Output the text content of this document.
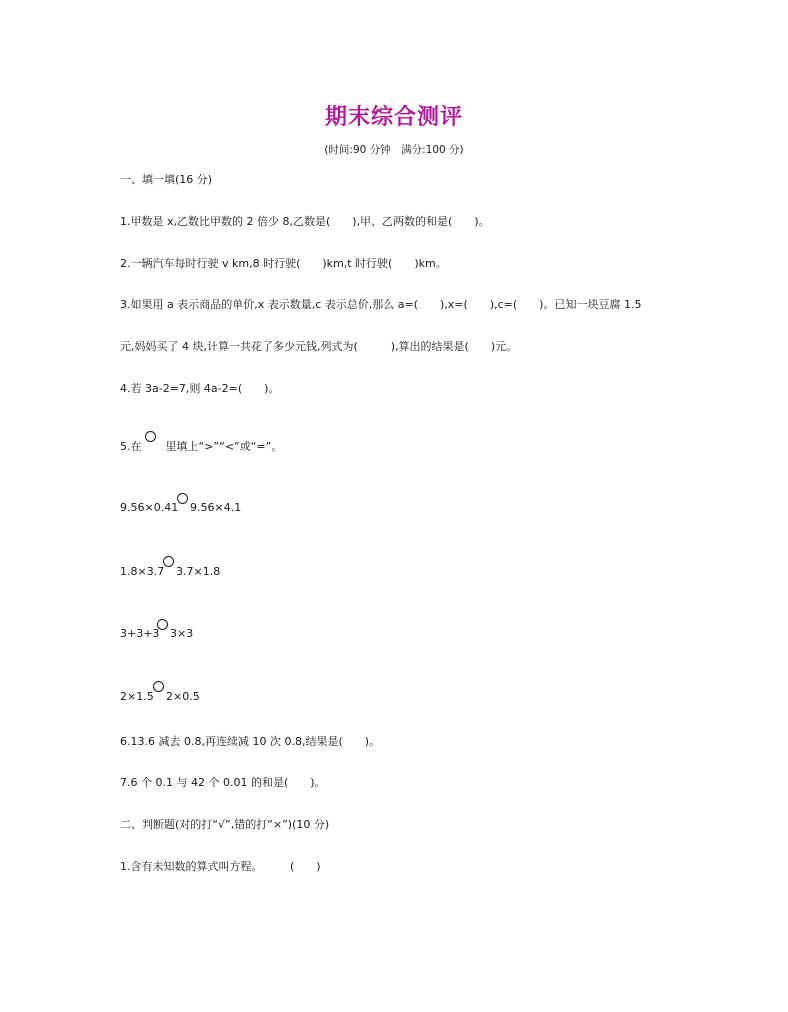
期末综合测评
(时间:90 分钟　满分:100 分)
一、填一填(16 分)
1.甲数是 x,乙数比甲数的 2 倍少 8,乙数是(　　),甲、乙两数的和是(　　)。
2.一辆汽车每时行驶 v km,8 时行驶(　　)km,t 时行驶(　　)km。
3.如果用 a 表示商品的单价,x 表示数量,c 表示总价,那么 a=(　　),x=(　　),c=(　　)。已知一块豆腐 1.5
元,妈妈买了 4 块,计算一共花了多少元钱,列式为(　　　),算出的结果是(　　)元。
4.若 3a-2=7,则 4a-2=(　　)。
5.在 里填上“>”“<”或“=”。
9.56×0.41 9.56×4.1
1.8×3.7 3.7×1.8
3+3+3 3×3
2×1.5 2×0.5
6.13.6 减去 0.8,再连续减 10 次 0.8,结果是(　　)。
7.6 个 0.1 与 42 个 0.01 的和是(　　)。
二、判断题(对的打“√”,错的打“×”)(10 分)
1.含有未知数的算式叫方程。　　　(　　)
